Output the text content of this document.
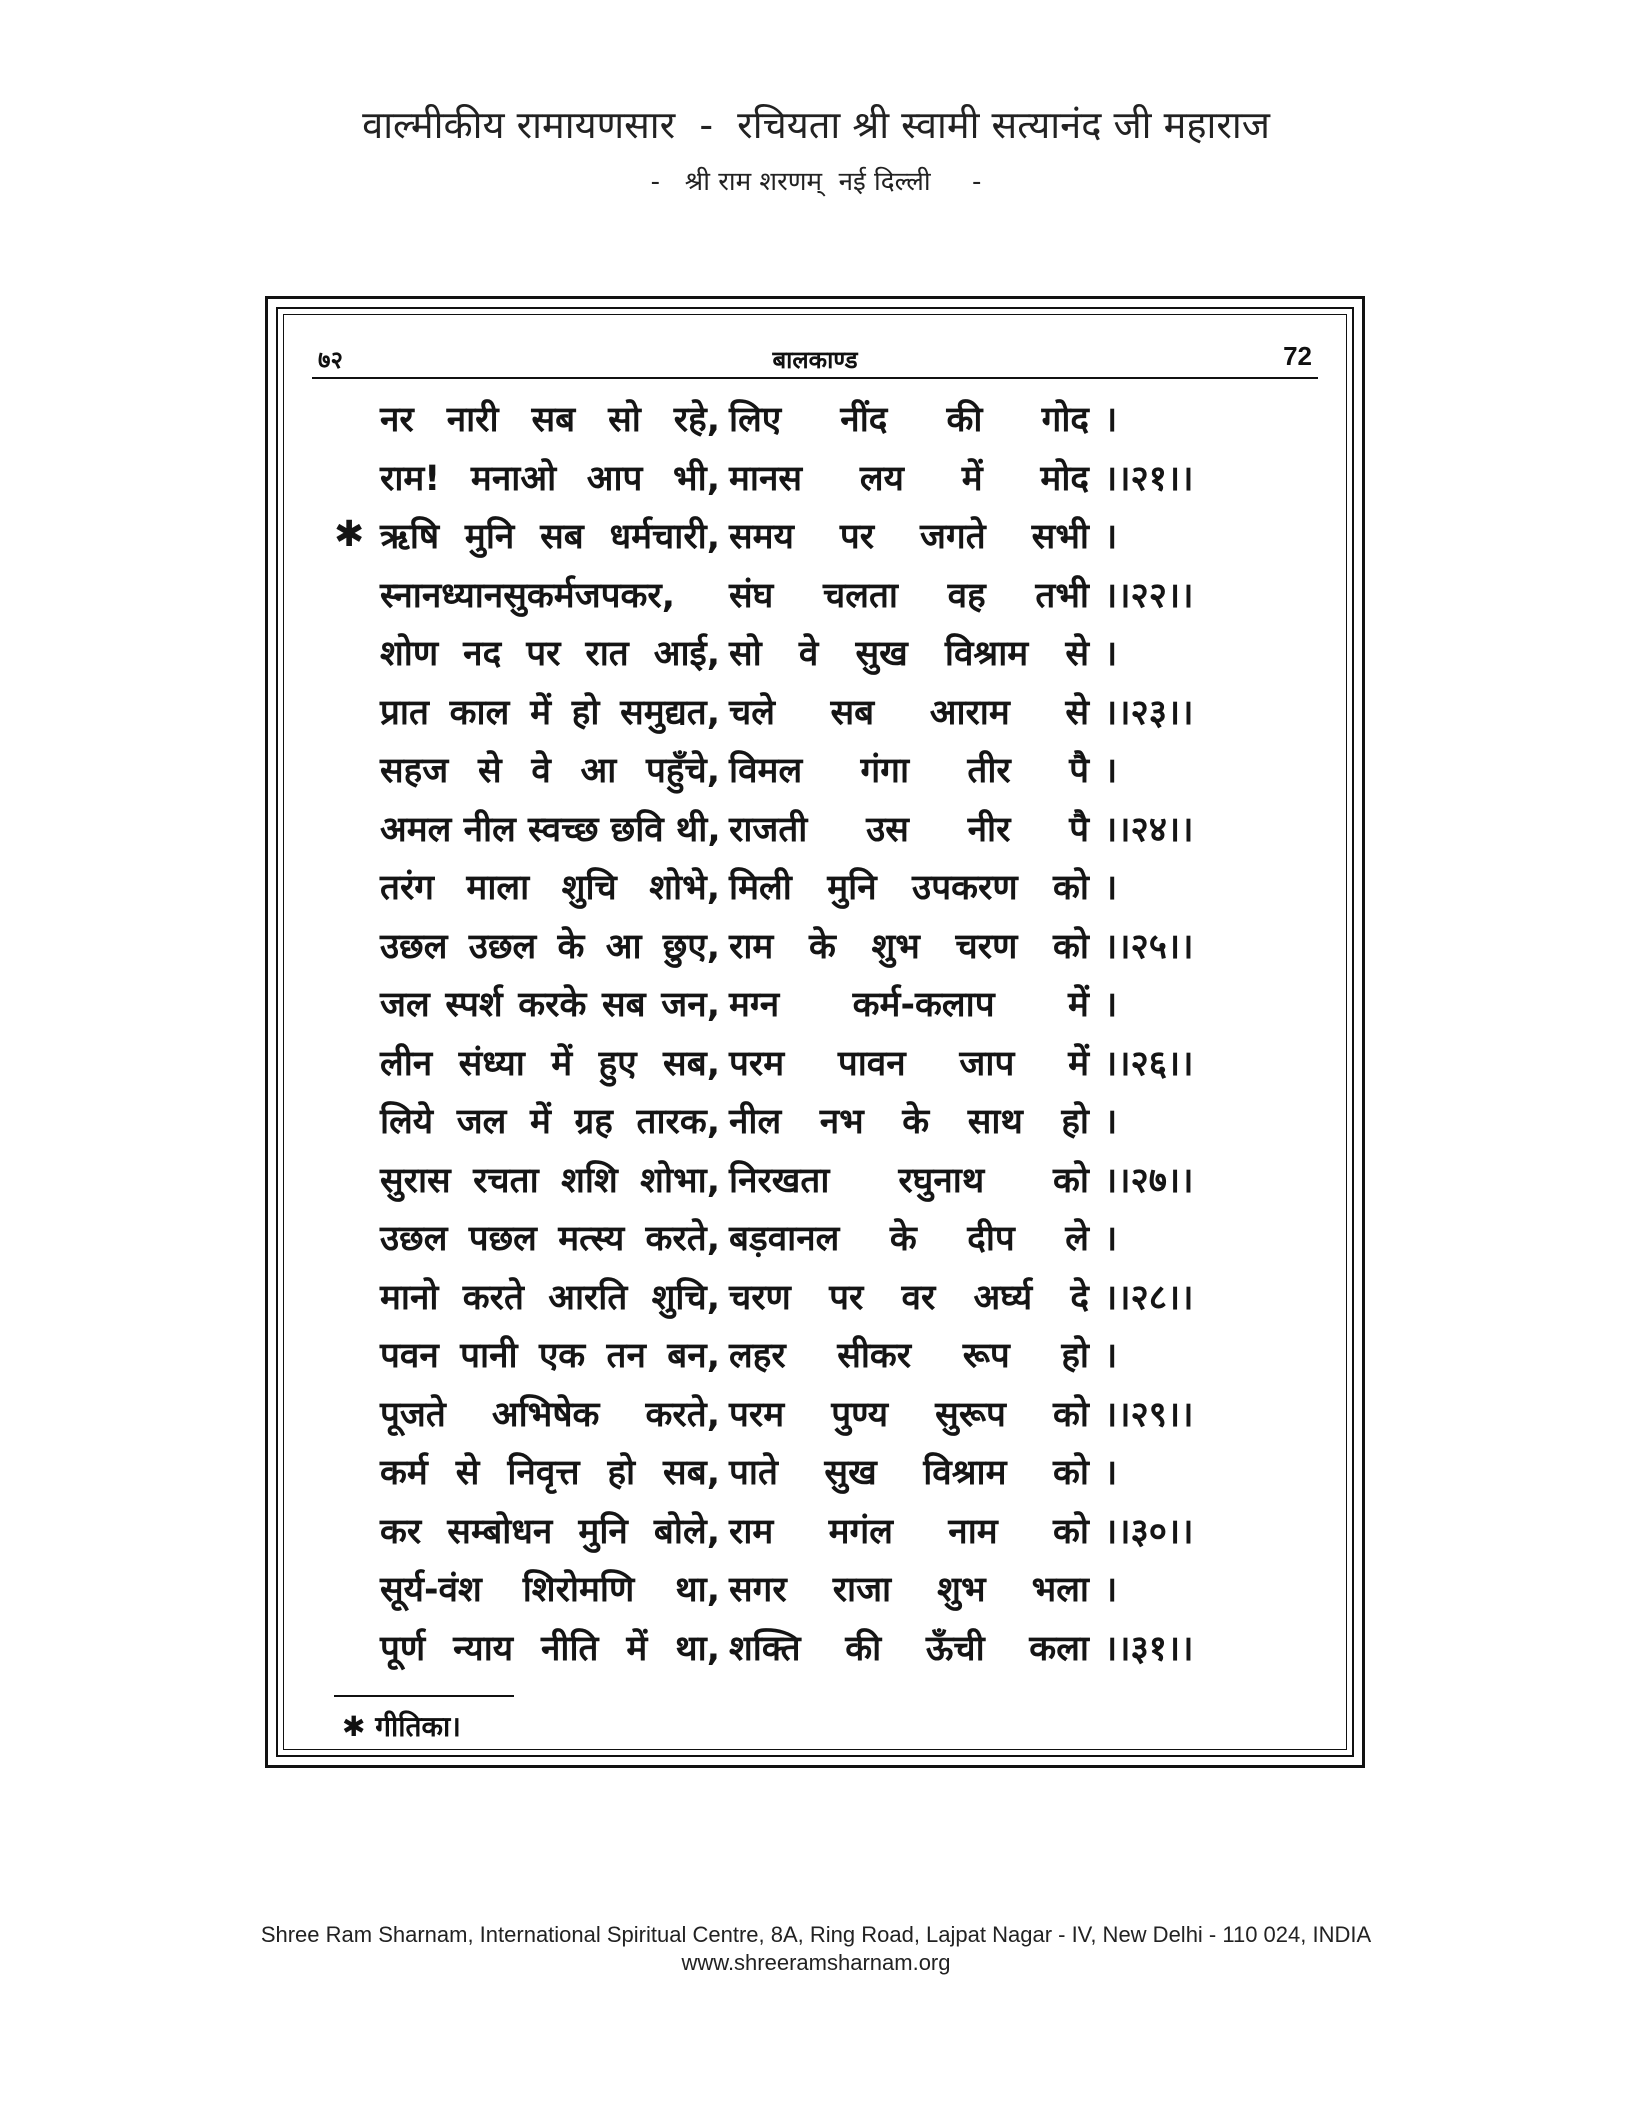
वाल्मीकीय रामायणसार  -  रचियता श्री स्वामी सत्यानंद जी महाराज
-   श्री राम शरणम्  नई दिल्ली     -
७२	बालकाण्ड	72
नर नारी सब सो रहे, लिए नींद की गोद ।
राम! मनाओ आप भी, मानस लय में मोद ।।२१।।
✱ ऋषि मुनि सब धर्मचारी, समय पर जगते सभी ।
स्नानध्यानसुकर्मजपकर,	संघ चलता वह तभी ।।२२।।
शोण नद पर रात आई, सो वे सुख विश्राम से ।
प्रात काल में हो समुद्यत, चले सब आराम से ।।२३।।
सहज से वे आ पहुँचे, विमल गंगा तीर पै ।
अमल नील स्वच्छ छवि थी, राजती उस नीर पै ।।२४।।
तरंग माला शुचि शोभे, मिली मुनि उपकरण को ।
उछल उछल के आ छुए, राम के शुभ चरण को ।।२५।।
जल स्पर्श करके सब जन, मग्न कर्म-कलाप में ।
लीन संध्या में हुए सब, परम पावन जाप में ।।२६।।
लिये जल में ग्रह तारक, नील नभ के साथ हो ।
सुरास रचता शशि शोभा, निरखता रघुनाथ को ।।२७।।
उछल पछल मत्स्य करते, बड़वानल के दीप ले ।
मानो करते आरति शुचि, चरण पर वर अर्घ्य दे ।।२८।।
पवन पानी एक तन बन, लहर सीकर रूप हो ।
पूजते अभिषेक करते, परम पुण्य सुरूप को ।।२९।।
कर्म से निवृत्त हो सब, पाते सुख विश्राम को ।
कर सम्बोधन मुनि बोले, राम मगंल नाम को ।।३०।।
सूर्य-वंश शिरोमणि था, सगर राजा शुभ भला ।
पूर्ण न्याय नीति में था, शक्ति की ऊँची कला ।।३१।।
✱ गीतिका।
Shree Ram Sharnam, International Spiritual Centre, 8A, Ring Road, Lajpat Nagar - IV, New Delhi - 110 024, INDIA
www.shreeramsharnam.org
